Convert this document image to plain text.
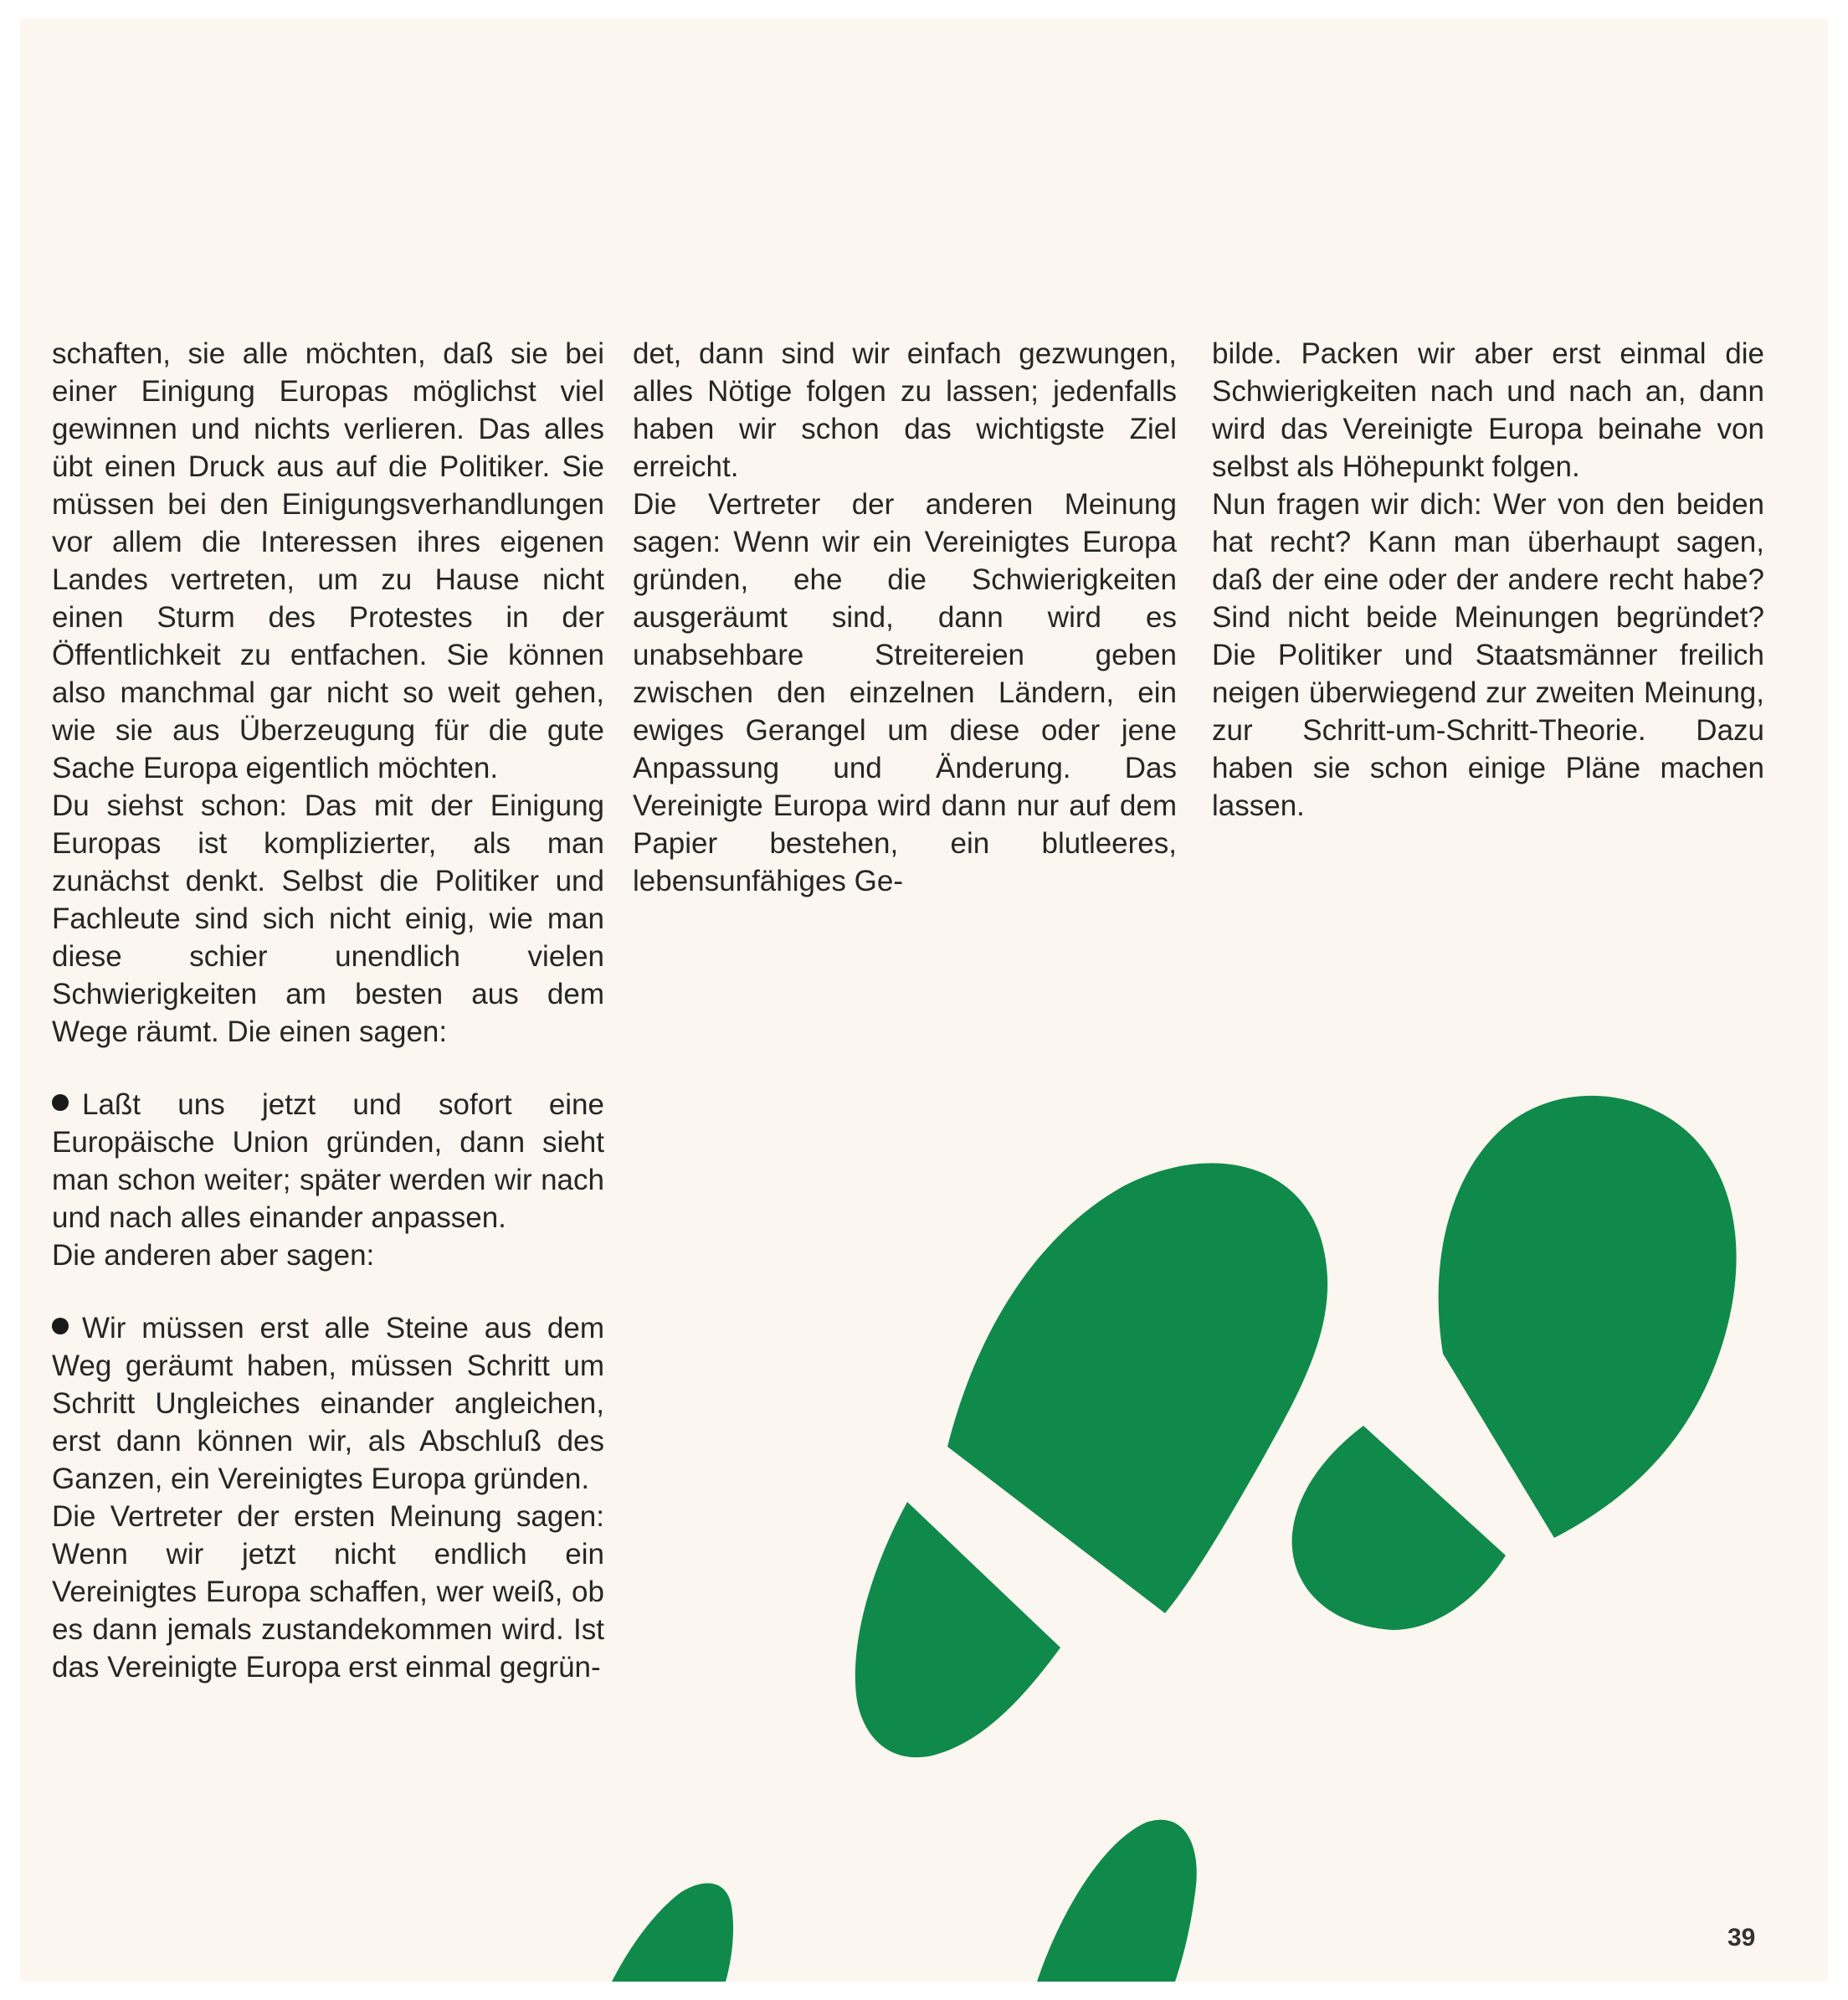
schaften, sie alle möchten, daß sie bei einer Einigung Europas möglichst viel gewinnen und nichts verlieren. Das alles übt einen Druck aus auf die Politiker. Sie müssen bei den Einigungsverhandlungen vor allem die Interessen ihres eigenen Landes vertreten, um zu Hause nicht einen Sturm des Protestes in der Öffentlichkeit zu entfachen. Sie können also manchmal gar nicht so weit gehen, wie sie aus Überzeugung für die gute Sache Europa eigentlich möchten.

Du siehst schon: Das mit der Einigung Europas ist komplizierter, als man zunächst denkt. Selbst die Politiker und Fachleute sind sich nicht einig, wie man diese schier unendlich vielen Schwierigkeiten am besten aus dem Wege räumt. Die einen sagen:

Laßt uns jetzt und sofort eine Europäische Union gründen, dann sieht man schon weiter; später werden wir nach und nach alles einander anpassen.

Die anderen aber sagen:

Wir müssen erst alle Steine aus dem Weg geräumt haben, müssen Schritt um Schritt Ungleiches einander angleichen, erst dann können wir, als Abschluß des Ganzen, ein Vereinigtes Europa gründen.

Die Vertreter der ersten Meinung sagen: Wenn wir jetzt nicht endlich ein Vereinigtes Europa schaffen, wer weiß, ob es dann jemals zustandekommen wird. Ist das Vereinigte Europa erst einmal gegrün-

det, dann sind wir einfach gezwungen, alles Nötige folgen zu lassen; jedenfalls haben wir schon das wichtigste Ziel erreicht.

Die Vertreter der anderen Meinung sagen: Wenn wir ein Vereinigtes Europa gründen, ehe die Schwierigkeiten ausgeräumt sind, dann wird es unabsehbare Streitereien geben zwischen den einzelnen Ländern, ein ewiges Gerangel um diese oder jene Anpassung und Änderung. Das Vereinigte Europa wird dann nur auf dem Papier bestehen, ein blutleeres, lebensunfähiges Ge-

bilde. Packen wir aber erst einmal die Schwierigkeiten nach und nach an, dann wird das Vereinigte Europa beinahe von selbst als Höhepunkt folgen.

Nun fragen wir dich: Wer von den beiden hat recht? Kann man überhaupt sagen, daß der eine oder der andere recht habe? Sind nicht beide Meinungen begründet? Die Politiker und Staatsmänner freilich neigen überwiegend zur zweiten Meinung, zur Schritt-um-Schritt-Theorie. Dazu haben sie schon einige Pläne machen lassen.

39
